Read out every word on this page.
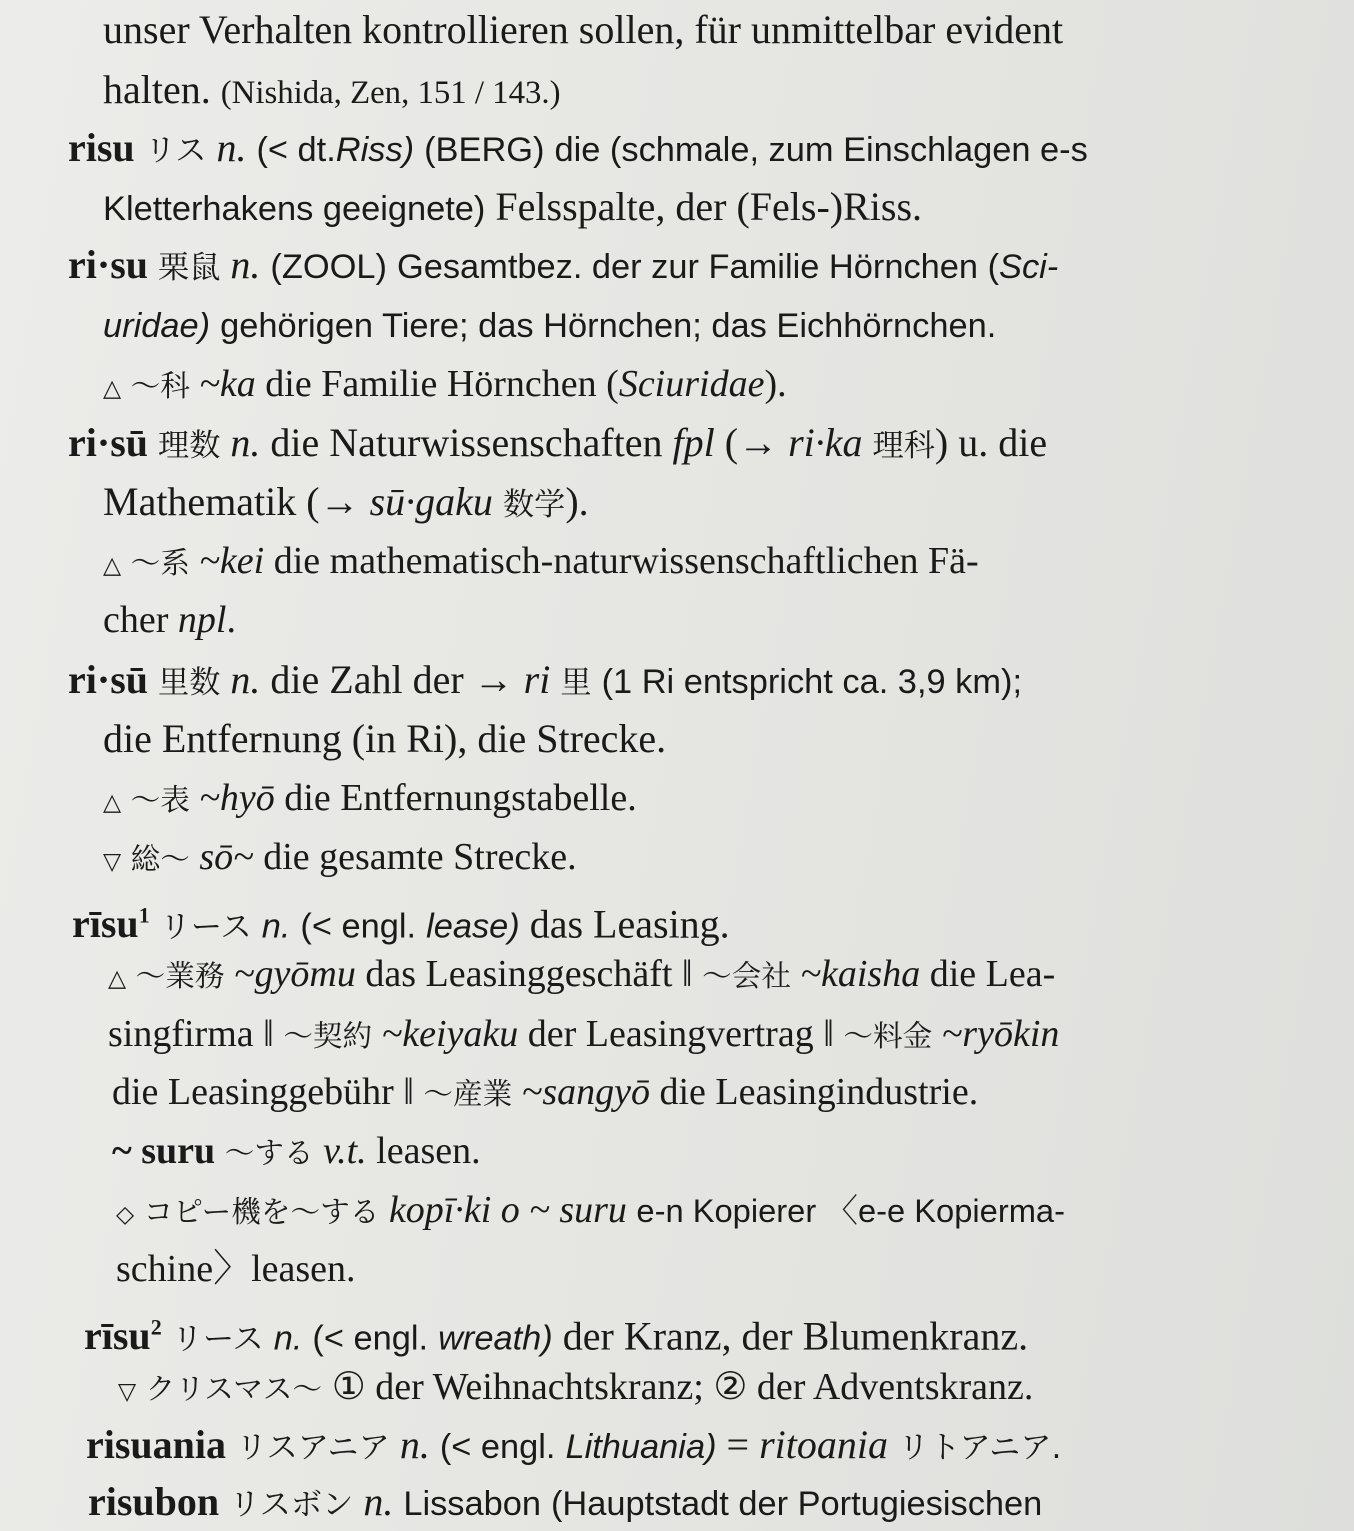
unser Verhalten kontrollieren sollen, für unmittelbar evident
halten. (Nishida, Zen, 151 / 143.)
risu リス n. (< dt.Riss) (BERG) die (schmale, zum Einschlagen e-s
Kletterhakens geeignete) Felsspalte, der (Fels-)Riss.
ri·su 栗鼠 n. (ZOOL) Gesamtbez. der zur Familie Hörnchen (Sci-
uridae) gehörigen Tiere; das Hörnchen; das Eichhörnchen.
△ ～科 ~ka die Familie Hörnchen (Sciuridae).
ri·sū 理数 n. die Naturwissenschaften fpl (→ ri·ka 理科) u. die
Mathematik (→ sū·gaku 数学).
△ ～系 ~kei die mathematisch-naturwissenschaftlichen Fä-
cher npl.
ri·sū 里数 n. die Zahl der → ri 里 (1 Ri entspricht ca. 3,9 km);
die Entfernung (in Ri), die Strecke.
△ ～表 ~hyō die Entfernungstabelle.
▽ 総～ sō~ die gesamte Strecke.
rīsu$^1$ リース n. (< engl. lease) das Leasing.
△ ～業務 ~gyōmu das Leasinggeschäft ‖ ～会社 ~kaisha die Lea-
singfirma ‖ ～契約 ~keiyaku der Leasingvertrag ‖ ～料金 ~ryōkin
die Leasinggebühr ‖ ～産業 ~sangyō die Leasingindustrie.
~ suru ～する v.t. leasen.
◇ コピー機を～する kopī·ki o ~ suru e-n Kopierer 〈e-e Kopierma-
schine〉leasen.
rīsu$^2$ リース n. (< engl. wreath) der Kranz, der Blumenkranz.
▽ クリスマス～ ① der Weihnachtskranz; ② der Adventskranz.
risuania リスアニア n. (< engl. Lithuania) = ritoania リトアニア.
risubon リスボン n. Lissabon (Hauptstadt der Portugiesischen
